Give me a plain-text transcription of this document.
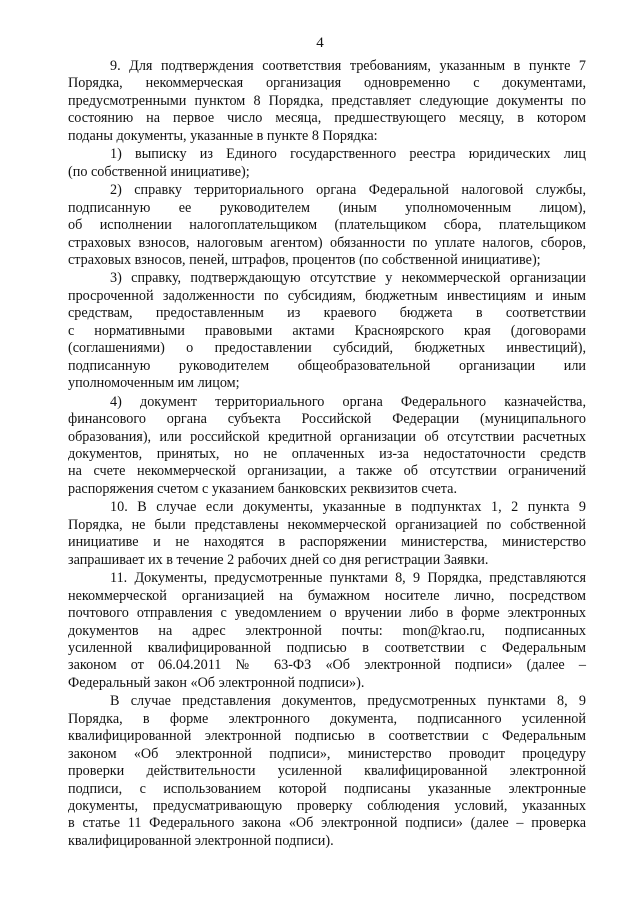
4
9. Для подтверждения соответствия требованиям, указанным в пункте 7
Порядка, некоммерческая организация одновременно с документами,
предусмотренными пунктом 8 Порядка, представляет следующие документы по
состоянию на первое число месяца, предшествующего месяцу, в котором
поданы документы, указанные в пункте 8 Порядка:
1) выписку из Единого государственного реестра юридических лиц
(по собственной инициативе);
2) справку территориального органа Федеральной налоговой службы,
подписанную ее руководителем (иным уполномоченным лицом),
об исполнении налогоплательщиком (плательщиком сбора, плательщиком
страховых взносов, налоговым агентом) обязанности по уплате налогов, сборов,
страховых взносов, пеней, штрафов, процентов (по собственной инициативе);
3) справку, подтверждающую отсутствие у некоммерческой организации
просроченной задолженности по субсидиям, бюджетным инвестициям и иным
средствам, предоставленным из краевого бюджета в соответствии
с нормативными правовыми актами Красноярского края (договорами
(соглашениями) о предоставлении субсидий, бюджетных инвестиций),
подписанную руководителем общеобразовательной организации или
уполномоченным им лицом;
4) документ территориального органа Федерального казначейства,
финансового органа субъекта Российской Федерации (муниципального
образования), или российской кредитной организации об отсутствии расчетных
документов, принятых, но не оплаченных из-за недостаточности средств
на счете некоммерческой организации, а также об отсутствии ограничений
распоряжения счетом с указанием банковских реквизитов счета.
10. В случае если документы, указанные в подпунктах 1, 2 пункта 9
Порядка, не были представлены некоммерческой организацией по собственной
инициативе и не находятся в распоряжении министерства, министерство
запрашивает их в течение 2 рабочих дней со дня регистрации Заявки.
11. Документы, предусмотренные пунктами 8, 9 Порядка, представляются
некоммерческой организацией на бумажном носителе лично, посредством
почтового отправления с уведомлением о вручении либо в форме электронных
документов на адрес электронной почты: mon@krao.ru, подписанных
усиленной квалифицированной подписью в соответствии с Федеральным
законом от 06.04.2011 № 63-ФЗ «Об электронной подписи» (далее –
Федеральный закон «Об электронной подписи»).
В случае представления документов, предусмотренных пунктами 8, 9
Порядка, в форме электронного документа, подписанного усиленной
квалифицированной электронной подписью в соответствии с Федеральным
законом «Об электронной подписи», министерство проводит процедуру
проверки действительности усиленной квалифицированной электронной
подписи, с использованием которой подписаны указанные электронные
документы, предусматривающую проверку соблюдения условий, указанных
в статье 11 Федерального закона «Об электронной подписи» (далее – проверка
квалифицированной электронной подписи).
